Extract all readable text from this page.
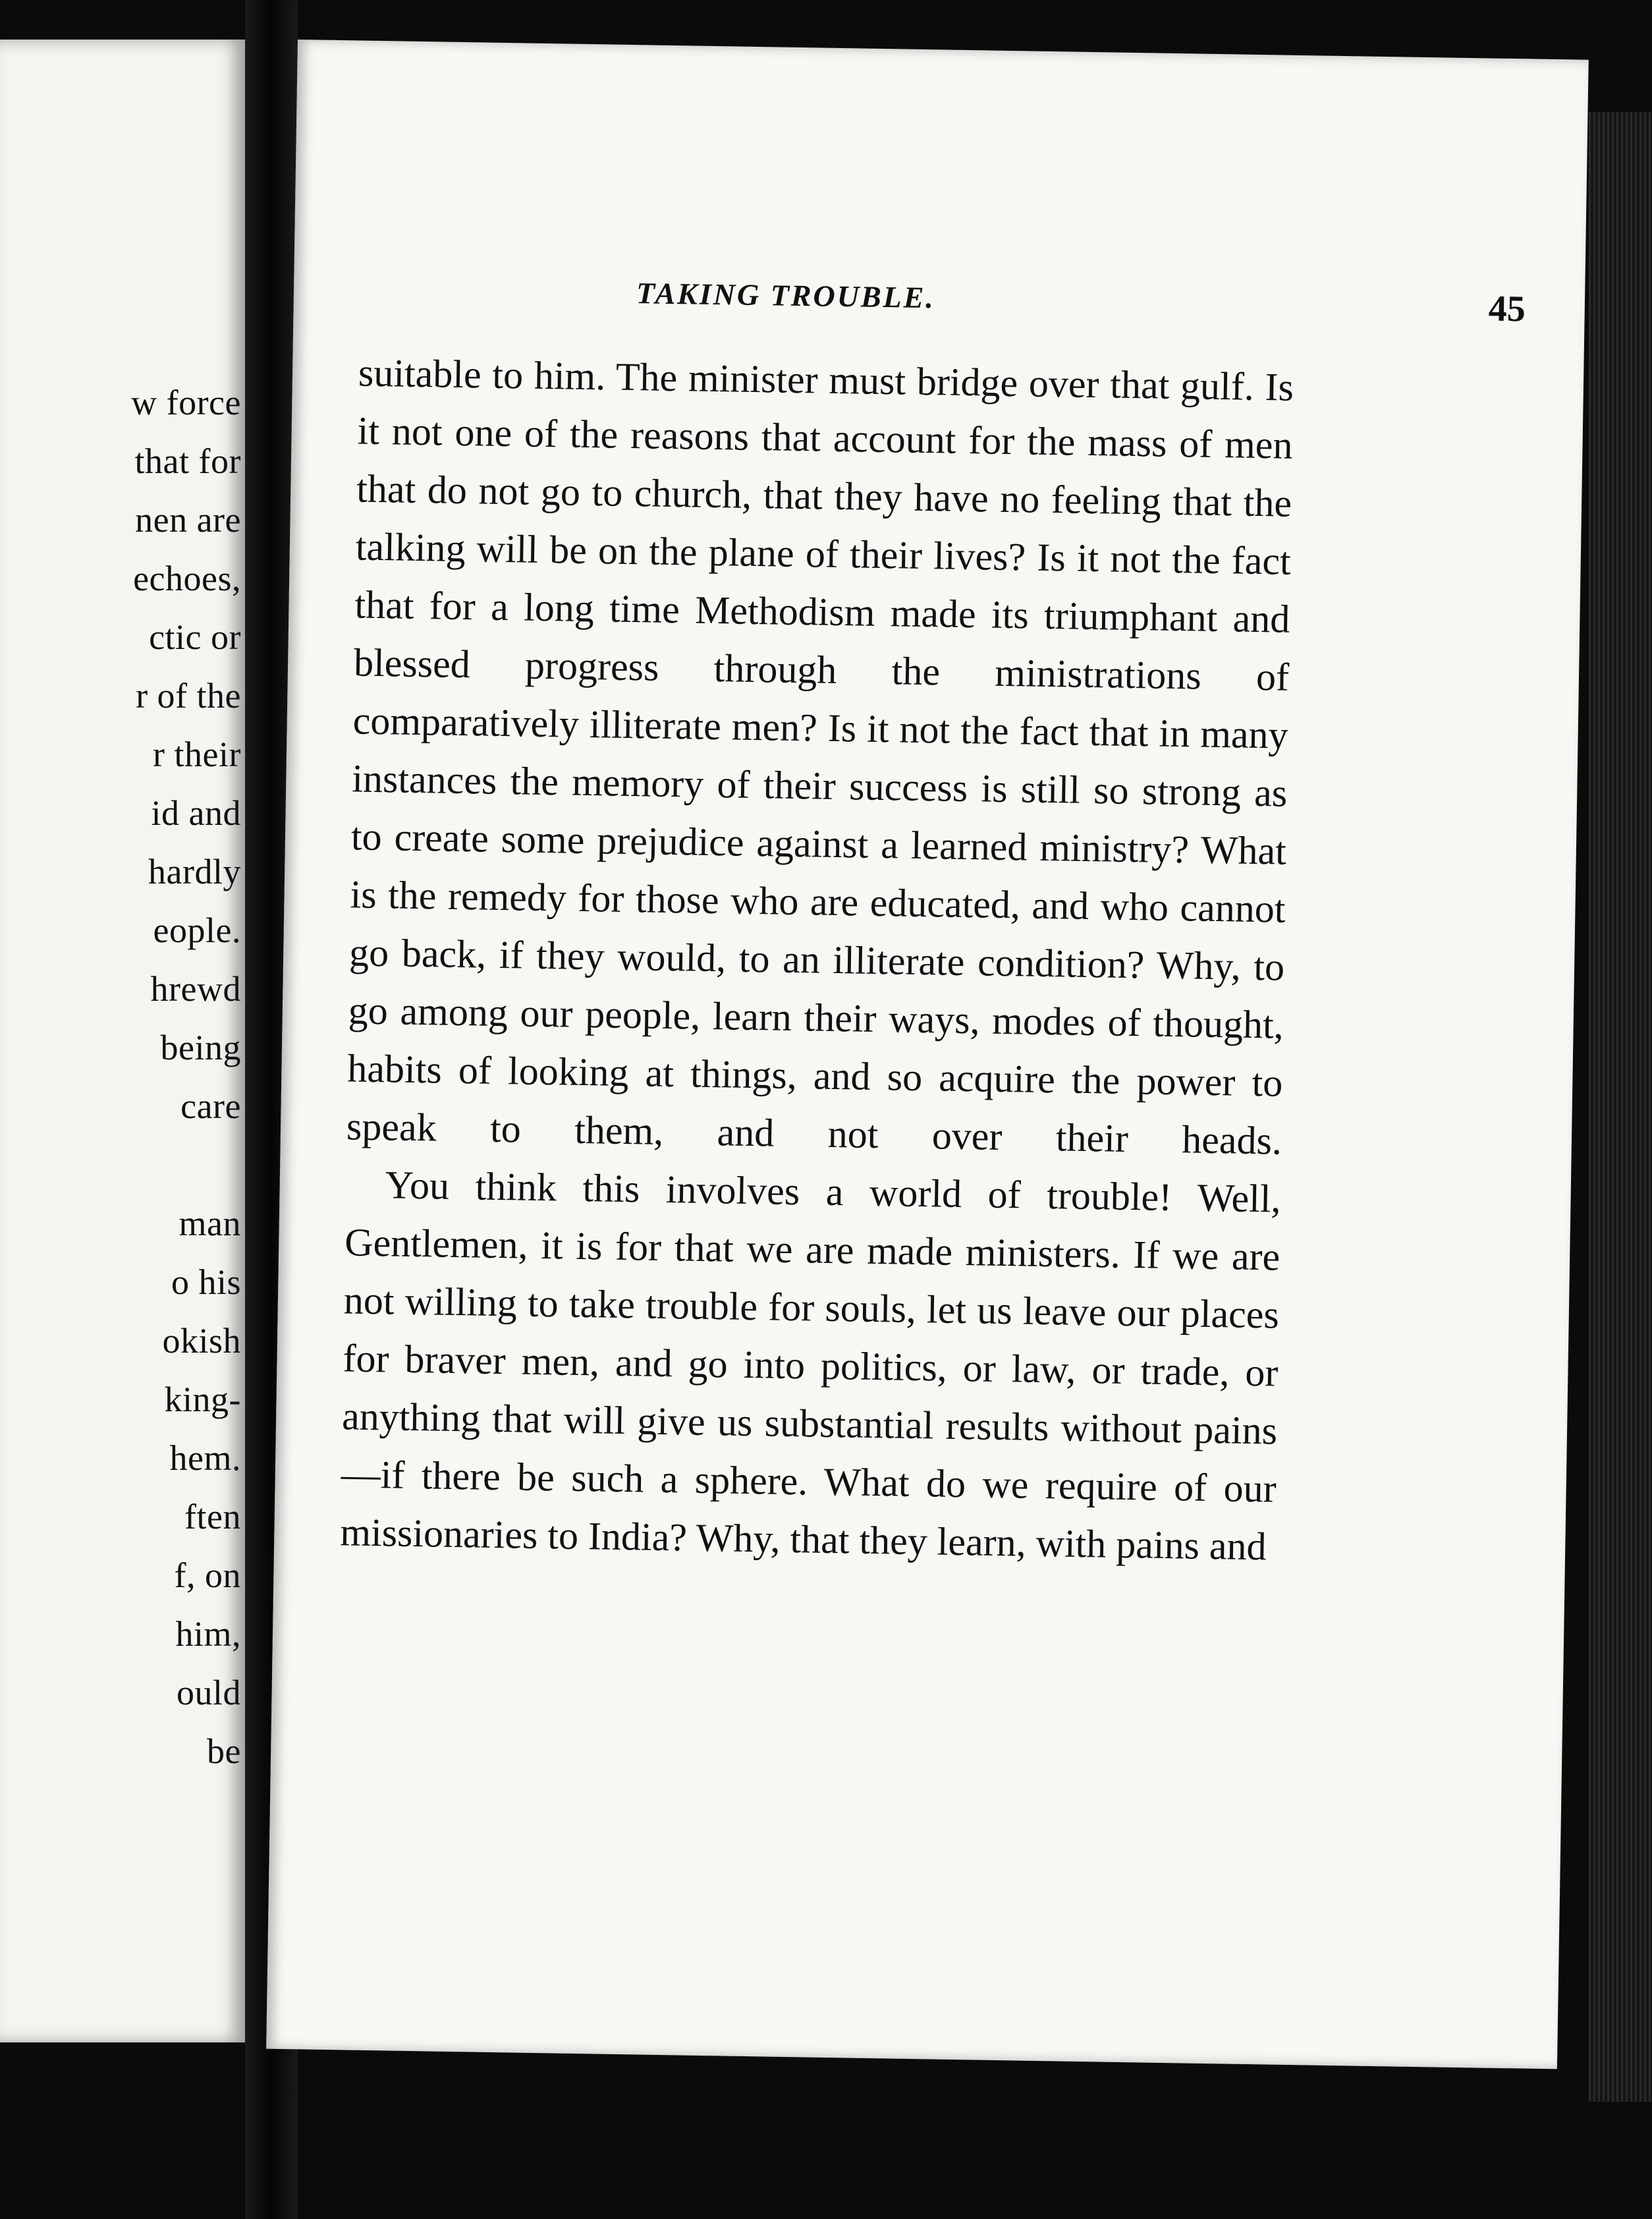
w force
that for
nen are
echoes,
ctic or
r of the
r their
id and
hardly
eople.
hrewd
being
care
man
o his
okish
king-
hem.
ften
f, on
him,
ould
be
TAKING TROUBLE.	45

suitable to him. The minister must bridge over that gulf. Is it not one of the reasons that account for the mass of men that do not go to church, that they have no feeling that the talking will be on the plane of their lives? Is it not the fact that for a long time Methodism made its triumphant and blessed progress through the ministrations of comparatively illiterate men? Is it not the fact that in many instances the memory of their success is still so strong as to create some prejudice against a learned ministry? What is the remedy for those who are educated, and who cannot go back, if they would, to an illiterate condition? Why, to go among our people, learn their ways, modes of thought, habits of looking at things, and so acquire the power to speak to them, and not over their heads.

You think this involves a world of trouble! Well, Gentlemen, it is for that we are made ministers. If we are not willing to take trouble for souls, let us leave our places for braver men, and go into politics, or law, or trade, or anything that will give us substantial results without pains—if there be such a sphere. What do we require of our missionaries to India? Why, that they learn, with pains and
